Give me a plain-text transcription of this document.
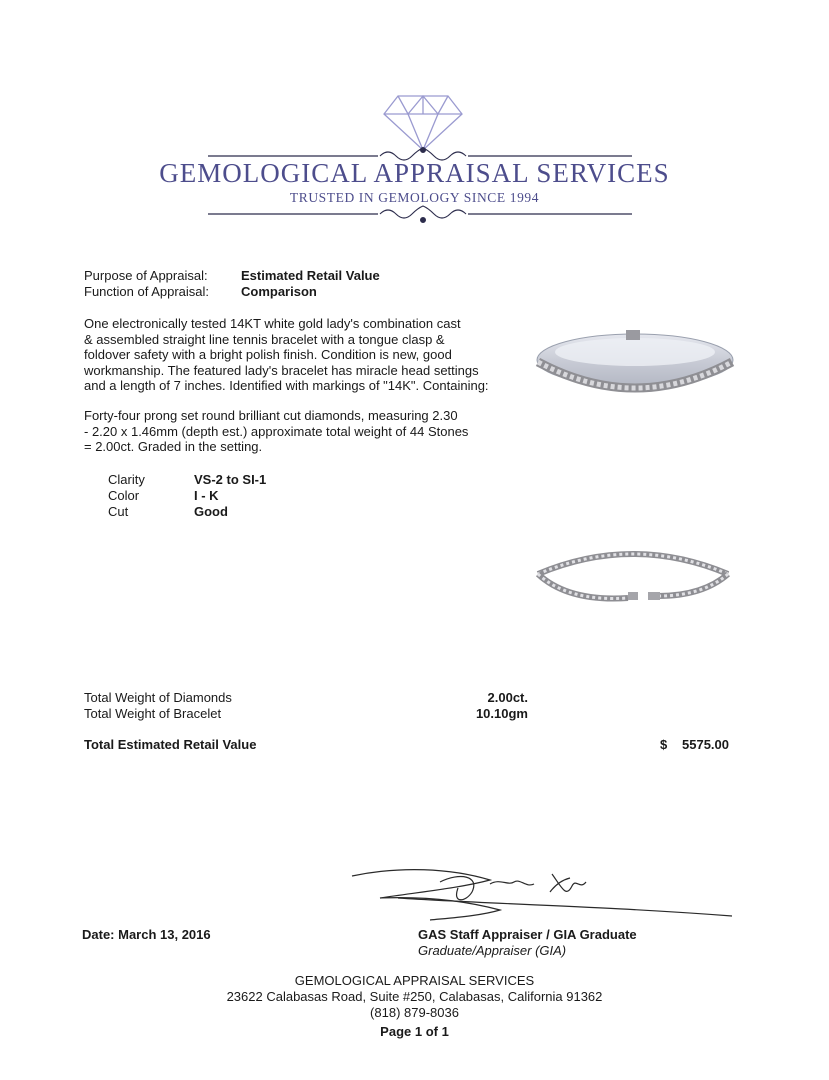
GEMOLOGICAL APPRAISAL SERVICES
TRUSTED IN GEMOLOGY SINCE 1994
Purpose of Appraisal:	Estimated Retail Value
Function of Appraisal: Comparison
One electronically tested 14KT white gold lady's combination cast
& assembled straight line tennis bracelet with a tongue clasp &
foldover safety with a bright polish finish. Condition is new, good
workmanship. The featured lady's bracelet has miracle head settings
and a length of 7 inches. Identified with markings of "14K". Containing:
Forty-four prong set round brilliant cut diamonds, measuring 2.30
- 2.20 x 1.46mm (depth est.) approximate total weight of 44 Stones
= 2.00ct. Graded in the setting.
Clarity	VS-2 to SI-1
Color	I - K
Cut	Good
Total Weight of Diamonds	2.00ct.
Total Weight of Bracelet	10.10gm
Total Estimated Retail Value	$ 5575.00
Date: March 13, 2016	GAS Staff Appraiser / GIA Graduate
Graduate/Appraiser (GIA)
GEMOLOGICAL APPRAISAL SERVICES
23622 Calabasas Road, Suite #250, Calabasas, California 91362
(818) 879-8036
Page 1 of 1
